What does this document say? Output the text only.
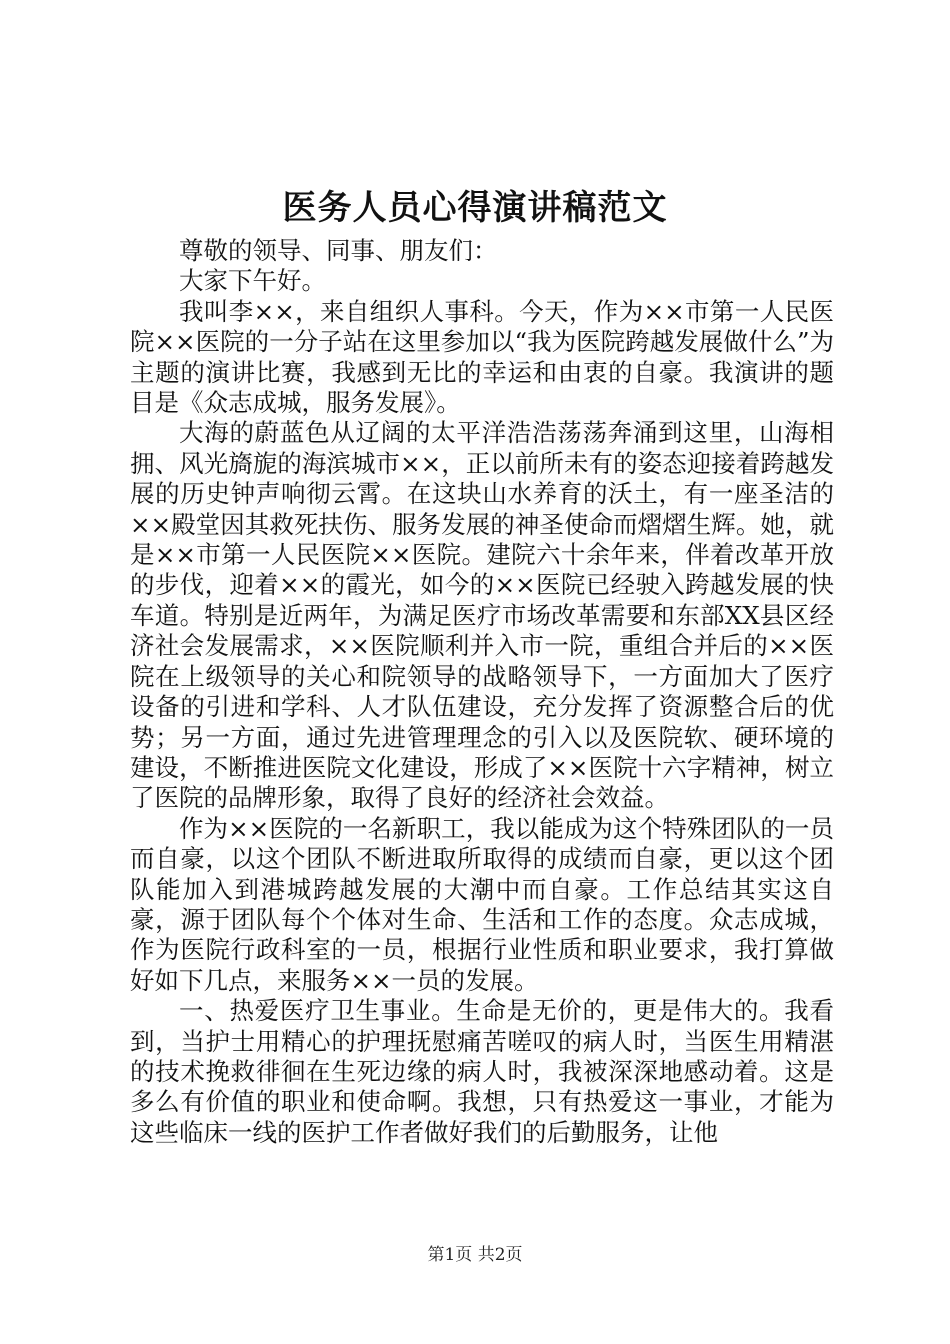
医务人员心得演讲稿范文

尊敬的领导、同事、朋友们：

大家下午好。

我叫李××，来自组织人事科。今天，作为××市第一人民医院××医院的一分子站在这里参加以“我为医院跨越发展做什么”为主题的演讲比赛，我感到无比的幸运和由衷的自豪。我演讲的题目是《众志成城，服务发展》。

大海的蔚蓝色从辽阔的太平洋浩浩荡荡奔涌到这里，山海相拥、风光旖旎的海滨城市××，正以前所未有的姿态迎接着跨越发展的历史钟声响彻云霄。在这块山水养育的沃土，有一座圣洁的××殿堂因其救死扶伤、服务发展的神圣使命而熠熠生辉。她，就是××市第一人民医院××医院。建院六十余年来，伴着改革开放的步伐，迎着××的霞光，如今的××医院已经驶入跨越发展的快车道。特别是近两年，为满足医疗市场改革需要和东部XX县区经济社会发展需求，××医院顺利并入市一院，重组合并后的××医院在上级领导的关心和院领导的战略领导下，一方面加大了医疗设备的引进和学科、人才队伍建设，充分发挥了资源整合后的优势；另一方面，通过先进管理理念的引入以及医院软、硬环境的建设，不断推进医院文化建设，形成了××医院十六字精神，树立了医院的品牌形象，取得了良好的经济社会效益。

作为××医院的一名新职工，我以能成为这个特殊团队的一员而自豪，以这个团队不断进取所取得的成绩而自豪，更以这个团队能加入到港城跨越发展的大潮中而自豪。工作总结其实这自豪，源于团队每个个体对生命、生活和工作的态度。众志成城，作为医院行政科室的一员，根据行业性质和职业要求，我打算做好如下几点，来服务××一员的发展。

一、热爱医疗卫生事业。生命是无价的，更是伟大的。我看到，当护士用精心的护理抚慰痛苦嗟叹的病人时，当医生用精湛的技术挽救徘徊在生死边缘的病人时，我被深深地感动着。这是多么有价值的职业和使命啊。我想，只有热爱这一事业，才能为这些临床一线的医护工作者做好我们的后勤服务，让他

第1页 共2页
